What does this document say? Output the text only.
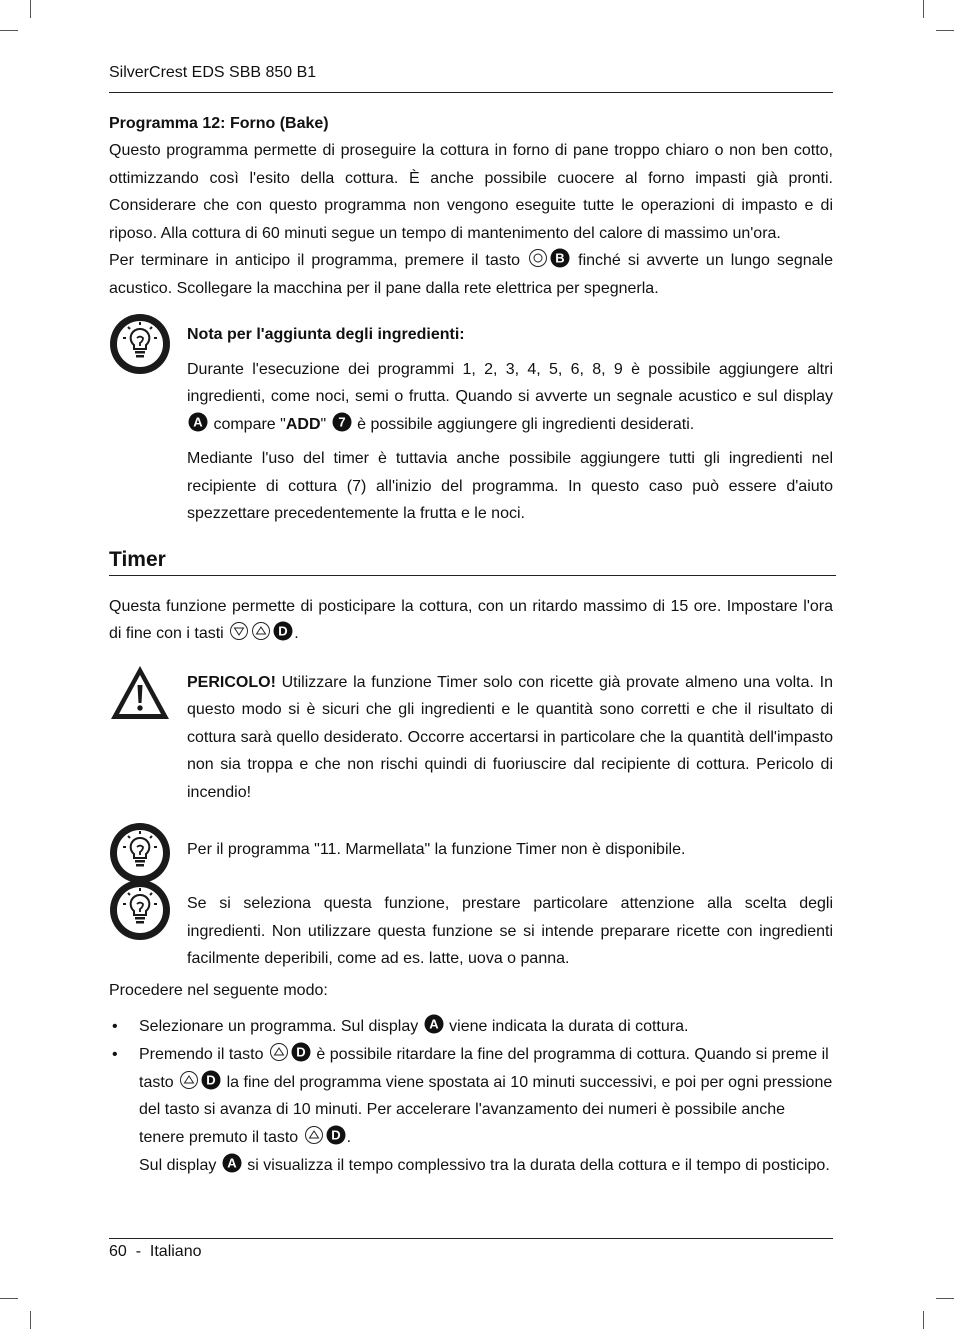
SilverCrest EDS SBB 850 B1

Programma 12: Forno (Bake)

Questo programma permette di proseguire la cottura in forno di pane troppo chiaro o non ben cotto, ottimizzando così l'esito della cottura. È anche possibile cuocere al forno impasti già pronti. Considerare che con questo programma non vengono eseguite tutte le operazioni di impasto e di riposo. Alla cottura di 60 minuti segue un tempo di mantenimento del calore di massimo un'ora.

Per terminare in anticipo il programma, premere il tasto	B finché si avverte un lungo segnale acustico. Scollegare la macchina per il pane dalla rete elettrica per spegnerla.

Nota per l'aggiunta degli ingredienti:

Durante l'esecuzione dei programmi 1, 2, 3, 4, 5, 6, 8, 9 è possibile aggiungere altri ingredienti, come noci, semi o frutta. Quando si avverte un segnale acustico e sul display
A compare "ADD" 7 è possibile aggiungere gli ingredienti desiderati.

Mediante l'uso del timer è tuttavia anche possibile aggiungere tutti gli ingredienti nel recipiente di cottura (7) all'inizio del programma. In questo caso può essere d'aiuto spezzettare precedentemente la frutta e le noci.

Timer

Questa funzione permette di posticipare la cottura, con un ritardo massimo di 15 ore. Impostare l'ora di fine con i tasti	D .

PERICOLO! Utilizzare la funzione Timer solo con ricette già provate almeno una volta. In questo modo si è sicuri che gli ingredienti e le quantità sono corretti e che il risultato di cottura sarà quello desiderato. Occorre accertarsi in particolare che la quantità dell'impasto non sia troppa e che non rischi quindi di fuoriuscire dal recipiente di cottura. Pericolo di incendio!

Per il programma "11. Marmellata" la funzione Timer non è disponibile.

Se si seleziona questa funzione, prestare particolare attenzione alla scelta degli ingredienti. Non utilizzare questa funzione se si intende preparare ricette con ingredienti facilmente deperibili, come ad es. latte, uova o panna.

Procedere nel seguente modo:

• Selezionare un programma. Sul display A viene indicata la durata di cottura.
• Premendo il tasto	D è possibile ritardare la fine del programma di cottura. Quando si preme il tasto	D la fine del programma viene spostata ai 10 minuti successivi, e poi per ogni pressione del tasto si avanza di 10 minuti. Per accelerare l'avanzamento dei numeri è possibile anche tenere premuto il tasto	D .
Sul display A si visualizza il tempo complessivo tra la durata della cottura e il tempo di posticipo.
60  -  Italiano
